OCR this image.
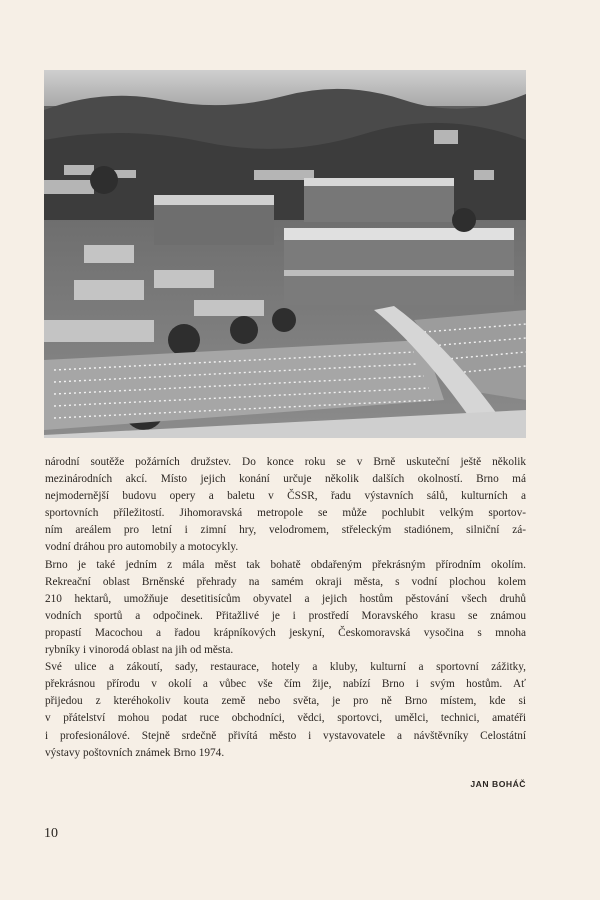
národní soutěže požárních družstev. Do konce roku se v Brně uskuteční ještě několik
mezinárodních akcí. Místo jejich konání určuje několik dalších okolností. Brno má
nejmodernější budovu opery a baletu v ČSSR, řadu výstavních sálů, kulturních a
sportovních příležitostí. Jihomoravská metropole se může pochlubit velkým sportov-
ním areálem pro letní i zimní hry, velodromem, střeleckým stadiónem, silniční zá-
vodní dráhou pro automobily a motocykly.

Brno je také jedním z mála měst tak bohatě obdařeným překrásným přírodním okolím.
Rekreační oblast Brněnské přehrady na samém okraji města, s vodní plochou kolem
210 hektarů, umožňuje desetitisícům obyvatel a jejich hostům pěstování všech druhů
vodních sportů a odpočinek. Přitažlivé je i prostředí Moravského krasu se známou
propastí Macochou a řadou krápníkových jeskyní, Českomoravská vysočina s mnoha
rybníky i vinorodá oblast na jih od města.

Své ulice a zákoutí, sady, restaurace, hotely a kluby, kulturní a sportovní zážitky,
překrásnou přírodu v okolí a vůbec vše čím žije, nabízí Brno i svým hostům. Ať
přijedou z kteréhokoliv kouta země nebo světa, je pro ně Brno místem, kde si
v přátelství mohou podat ruce obchodníci, vědci, sportovci, umělci, technici, amatéři
i profesionálové. Stejně srdečně přivítá město i vystavovatele a návštěvníky Celostátní
výstavy poštovních známek Brno 1974.

JAN BOHÁČ
10
